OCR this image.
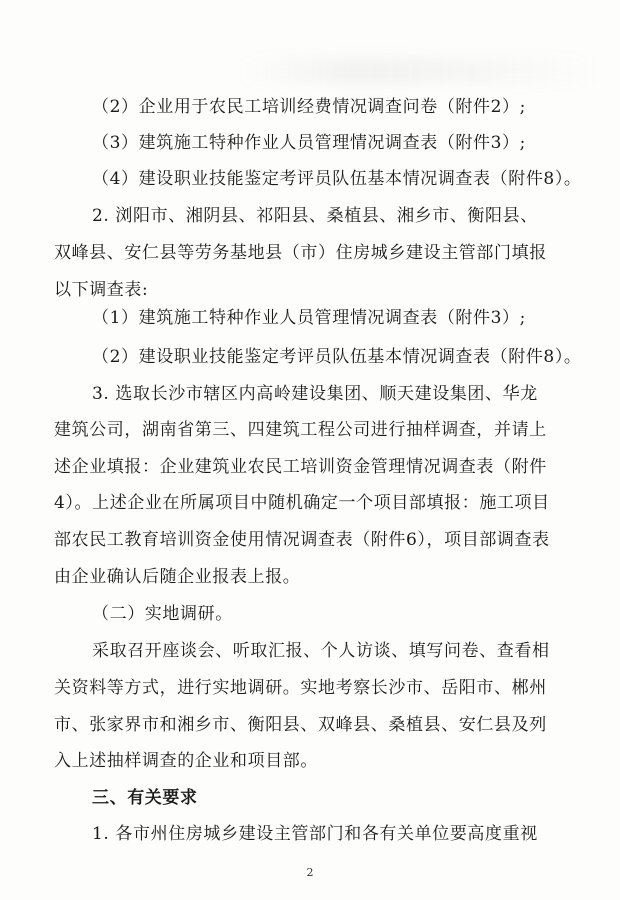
（2）企业用于农民工培训经费情况调查问卷（附件2）;
（3）建筑施工特种作业人员管理情况调查表（附件3）;
（4）建设职业技能鉴定考评员队伍基本情况调查表（附件8）。
2. 浏阳市、湘阴县、祁阳县、桑植县、湘乡市、衡阳县、
双峰县、安仁县等劳务基地县（市）住房城乡建设主管部门填报
以下调查表:
（1）建筑施工特种作业人员管理情况调查表（附件3）;
（2）建设职业技能鉴定考评员队伍基本情况调查表（附件8）。
3. 选取长沙市辖区内高岭建设集团、顺天建设集团、华龙
建筑公司，湖南省第三、四建筑工程公司进行抽样调查，并请上
述企业填报：企业建筑业农民工培训资金管理情况调查表（附件
4）。上述企业在所属项目中随机确定一个项目部填报：施工项目
部农民工教育培训资金使用情况调查表（附件6），项目部调查表
由企业确认后随企业报表上报。
（二）实地调研。
采取召开座谈会、听取汇报、个人访谈、填写问卷、查看相
关资料等方式，进行实地调研。实地考察长沙市、岳阳市、郴州
市、张家界市和湘乡市、衡阳县、双峰县、桑植县、安仁县及列
入上述抽样调查的企业和项目部。
三、有关要求
1. 各市州住房城乡建设主管部门和各有关单位要高度重视
2
